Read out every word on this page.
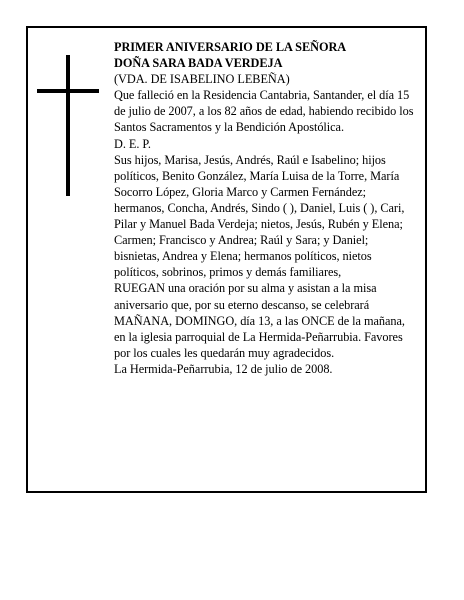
PRIMER ANIVERSARIO DE LA SEÑORA

DOÑA SARA BADA VERDEJA

(VDA. DE ISABELINO LEBEÑA)

Que falleció en la Residencia Cantabria, Santander, el día 15 de julio de 2007, a los 82 años de edad, habiendo recibido los Santos Sacramentos y la Bendición Apostólica.

D. E. P.

Sus hijos, Marisa, Jesús, Andrés, Raúl e Isabelino; hijos políticos, Benito González, María Luisa de la Torre, María Socorro López, Gloria Marco y Carmen Fernández; hermanos, Concha, Andrés, Sindo ( ), Daniel, Luis ( ), Cari, Pilar y Manuel Bada Verdeja; nietos, Jesús, Rubén y Elena; Carmen; Francisco y Andrea; Raúl y Sara; y Daniel; bisnietas, Andrea y Elena; hermanos políticos, nietos políticos, sobrinos, primos y demás familiares,

RUEGAN una oración por su alma y asistan a la misa aniversario que, por su eterno descanso, se celebrará MAÑANA, DOMINGO, día 13, a las ONCE de la mañana, en la iglesia parroquial de La Hermida-Peñarrubia. Favores por los cuales les quedarán muy agradecidos.

La Hermida-Peñarrubia, 12 de julio de 2008.
